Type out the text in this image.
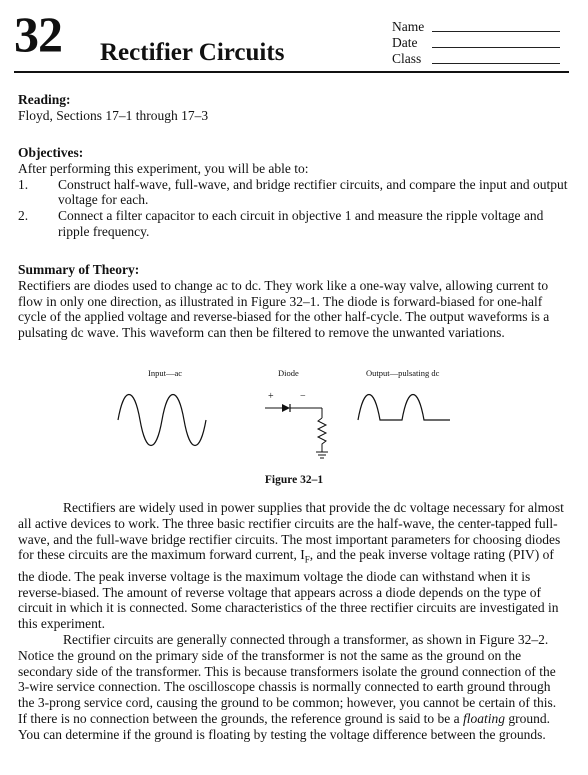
32 Rectifier Circuits
Name
Date
Class
Reading:
Floyd, Sections 17–1 through 17–3
Objectives:
After performing this experiment, you will be able to:
1. Construct half-wave, full-wave, and bridge rectifier circuits, and compare the input and output voltage for each.
2. Connect a filter capacitor to each circuit in objective 1 and measure the ripple voltage and ripple frequency.
Summary of Theory:

Rectifiers are diodes used to change ac to dc. They work like a one-way valve, allowing current to flow in only one direction, as illustrated in Figure 32–1. The diode is forward-biased for one-half cycle of the applied voltage and reverse-biased for the other half-cycle. The output waveforms is a pulsating dc wave. This waveform can then be filtered to remove the unwanted variations.

Input—ac	Diode	Output—pulsating dc
+	−
Figure 32–1

Rectifiers are widely used in power supplies that provide the dc voltage necessary for almost all active devices to work. The three basic rectifier circuits are the half-wave, the center-tapped full-wave, and the full-wave bridge rectifier circuits. The most important parameters for choosing diodes for these circuits are the maximum forward current, $I_F$, and the peak inverse voltage rating (PIV) of the diode. The peak inverse voltage is the maximum voltage the diode can withstand when it is reverse-biased. The amount of reverse voltage that appears across a diode depends on the type of circuit in which it is connected. Some characteristics of the three rectifier circuits are investigated in this experiment.

Rectifier circuits are generally connected through a transformer, as shown in Figure 32–2. Notice the ground on the primary side of the transformer is not the same as the ground on the secondary side of the transformer. This is because transformers isolate the ground connection of the 3-wire service connection. The oscilloscope chassis is normally connected to earth ground through the 3-prong service cord, causing the ground to be common; however, you cannot be certain of this. If there is no connection between the grounds, the reference ground is said to be a floating ground. You can determine if the ground is floating by testing the voltage difference between the grounds.
